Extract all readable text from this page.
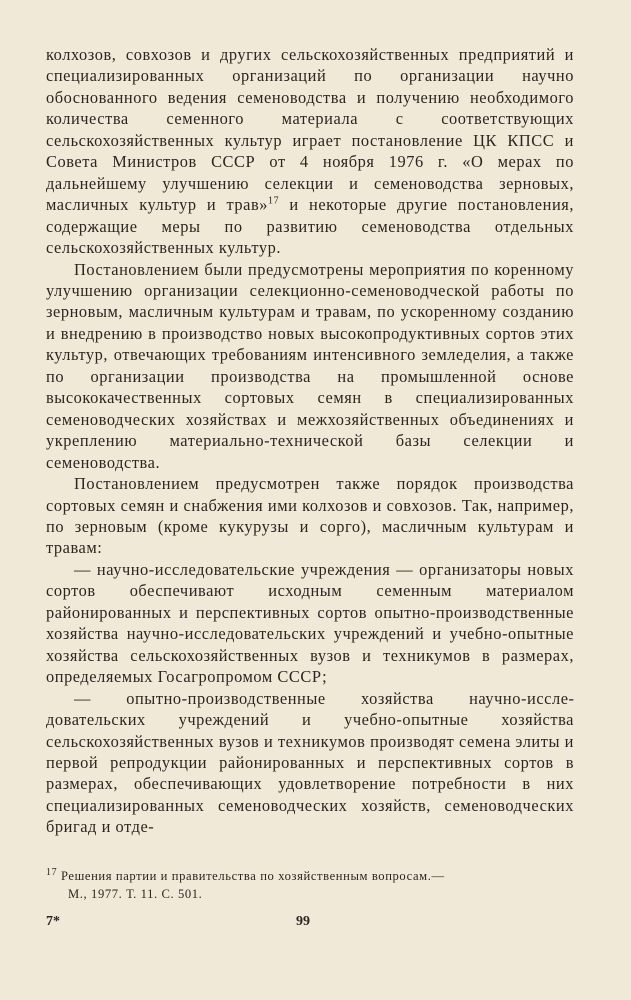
колхозов, совхозов и других сельскохозяйственных предприятий и специализированных организаций по организации научно обоснованного ведения семеноводства и получению необходимого количества семенного материала с соответствующих сельскохозяйственных культур играет постановление ЦК КПСС и Совета Министров СССР от 4 ноября 1976 г. «О мерах по дальнейшему улучшению селекции и семеноводства зерновых, масличных культур и трав»$^{17}$ и некоторые другие постановления, содержащие меры по развитию семеноводства отдельных сельскохозяйственных культур.

Постановлением были предусмотрены мероприятия по коренному улучшению организации селекционно-семеноводческой работы по зерновым, масличным культурам и травам, по ускоренному созданию и внедрению в производство новых высокопродуктивных сортов этих культур, отвечающих требованиям интенсивного земледелия, а также по организации производства на промышленной основе высококачественных сортовых семян в специализированных семеноводческих хозяйствах и межхозяйственных объединениях и укреплению материально-технической базы селекции и семеноводства.

Постановлением предусмотрен также порядок производства сортовых семян и снабжения ими колхозов и совхозов. Так, например, по зерновым (кроме кукурузы и сорго), масличным культурам и травам:

— научно-исследовательские учреждения — организаторы новых сортов обеспечивают исходным семенным материалом районированных и перспективных сортов опытно-производственные хозяйства научно-исследовательских учреждений и учебно-опытные хозяйства сельскохозяйственных вузов и техникумов в размерах, определяемых Госагропромом СССР;

— опытно-производственные хозяйства научно-исследовательских учреждений и учебно-опытные хозяйства сельскохозяйственных вузов и техникумов производят семена элиты и первой репродукции районированных и перспективных сортов в размерах, обеспечивающих удовлетворение потребности в них специализированных семеноводческих хозяйств, семеноводческих бригад и отде-

$^{17}$ Решения партии и правительства по хозяйственным вопросам.—
М., 1977. Т. 11. С. 501.
7*	99
